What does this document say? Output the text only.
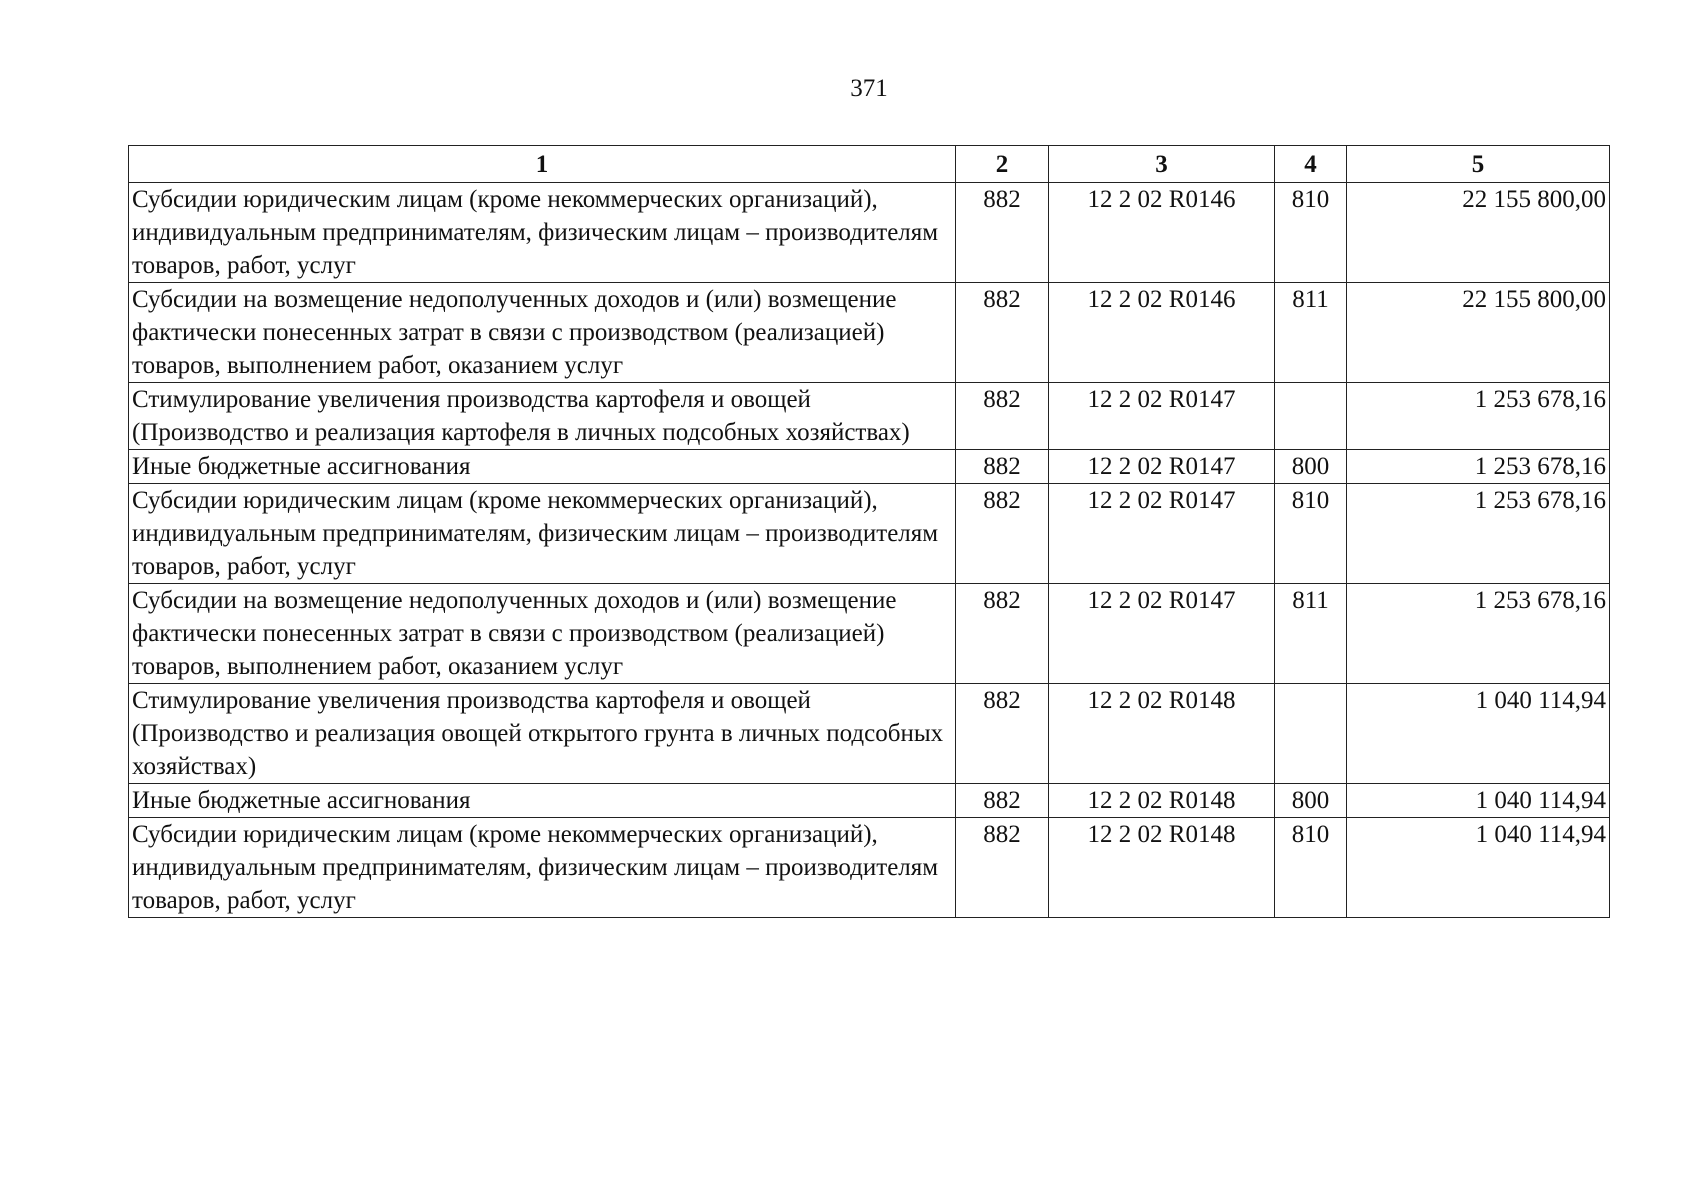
371
1	2	3	4	5
Субсидии юридическим лицам (кроме некоммерческих организаций), индивидуальным предпринимателям, физическим лицам – производителям товаров, работ, услуг	882	12 2 02 R0146	810	22 155 800,00
Субсидии на возмещение недополученных доходов и (или) возмещение фактически понесенных затрат в связи с производством (реализацией) товаров, выполнением работ, оказанием услуг	882	12 2 02 R0146	811	22 155 800,00
Стимулирование увеличения производства картофеля и овощей (Производство и реализация картофеля в личных подсобных хозяйствах)	882	12 2 02 R0147		1 253 678,16
Иные бюджетные ассигнования	882	12 2 02 R0147	800	1 253 678,16
Субсидии юридическим лицам (кроме некоммерческих организаций), индивидуальным предпринимателям, физическим лицам – производителям товаров, работ, услуг	882	12 2 02 R0147	810	1 253 678,16
Субсидии на возмещение недополученных доходов и (или) возмещение фактически понесенных затрат в связи с производством (реализацией) товаров, выполнением работ, оказанием услуг	882	12 2 02 R0147	811	1 253 678,16
Стимулирование увеличения производства картофеля и овощей (Производство и реализация овощей открытого грунта в личных подсобных хозяйствах)	882	12 2 02 R0148		1 040 114,94
Иные бюджетные ассигнования	882	12 2 02 R0148	800	1 040 114,94
Субсидии юридическим лицам (кроме некоммерческих организаций), индивидуальным предпринимателям, физическим лицам – производителям товаров, работ, услуг	882	12 2 02 R0148	810	1 040 114,94
